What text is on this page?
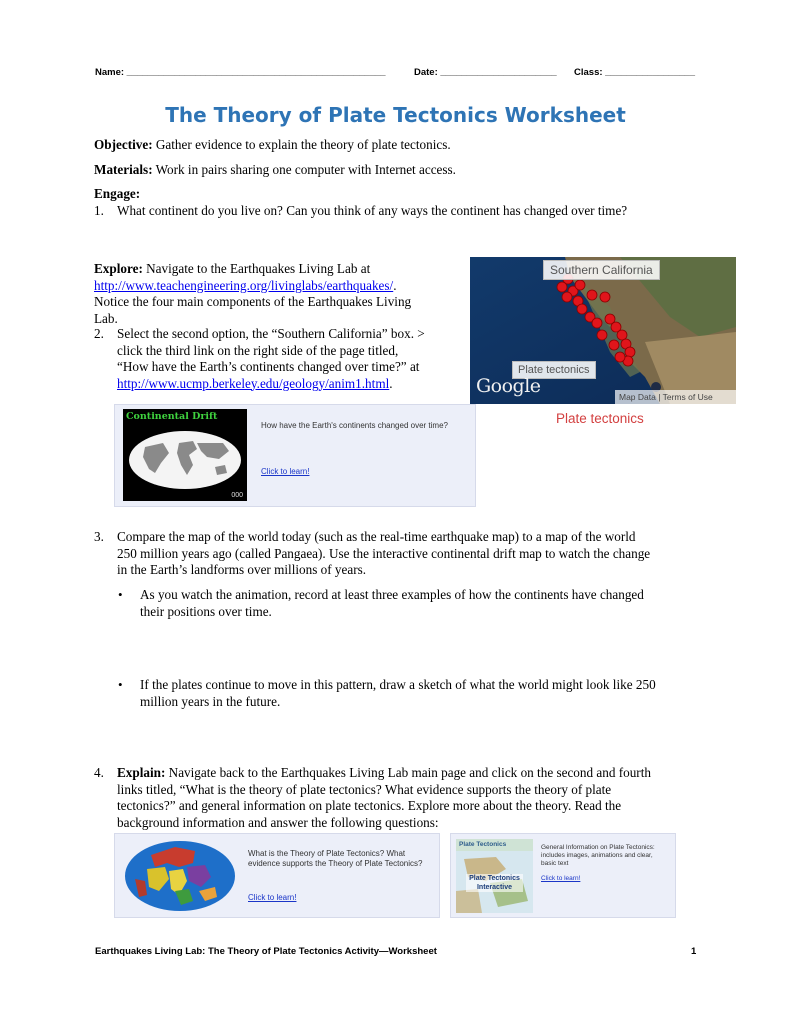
Name: _________________________________________________	Date: ______________________ Class: _________________
The Theory of Plate Tectonics Worksheet
Objective: Gather evidence to explain the theory of plate tectonics.
Materials: Work in pairs sharing one computer with Internet access.
Engage:
1. What continent do you live on? Can you think of any ways the continent has changed over time?
Explore: Navigate to the Earthquakes Living Lab at
http://www.teachengineering.org/livinglabs/earthquakes/.
Notice the four main components of the Earthquakes Living
Lab.
2. Select the second option, the “Southern California” box. >
click the third link on the right side of the page titled,
“How have the Earth’s continents changed over time?” at
http://www.ucmp.berkeley.edu/geology/anim1.html.
Southern California
Plate tectonics
Google	Map Data | Terms of Use
Plate tectonics
Continental Drift
000
How have the Earth's continents changed over time?
Click to learn!
3. Compare the map of the world today (such as the real-time earthquake map) to a map of the world
250 million years ago (called Pangaea). Use the interactive continental drift map to watch the change
in the Earth’s landforms over millions of years.
• As you watch the animation, record at least three examples of how the continents have changed
their positions over time.
• If the plates continue to move in this pattern, draw a sketch of what the world might look like 250
million years in the future.
4. Explain: Navigate back to the Earthquakes Living Lab main page and click on the second and fourth
links titled, “What is the theory of plate tectonics? What evidence supports the theory of plate
tectonics?” and general information on plate tectonics. Explore more about the theory. Read the
background information and answer the following questions:
What is the Theory of Plate Tectonics? What evidence supports the Theory of Plate Tectonics?
Click to learn!
Plate Tectonics
Plate Tectonics Interactive
General Information on Plate Tectonics: includes images, animations and clear, basic text
Click to learn!
Earthquakes Living Lab: The Theory of Plate Tectonics Activity—Worksheet	1
